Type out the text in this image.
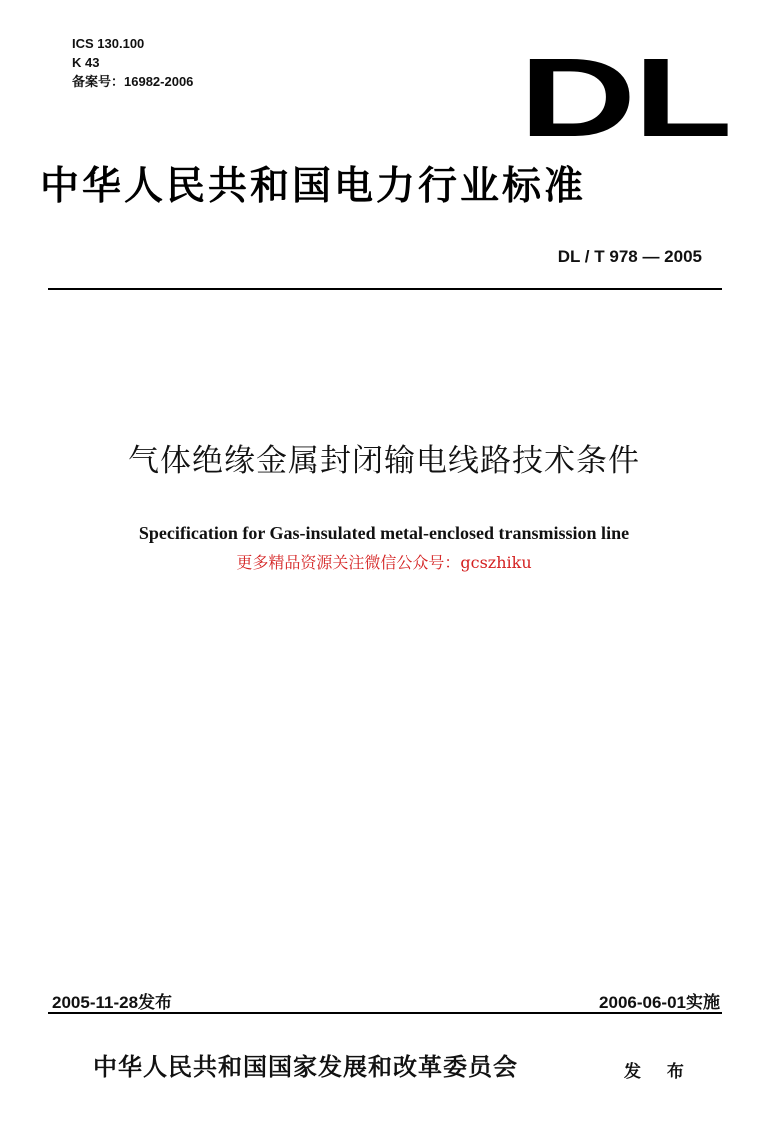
ICS 130.100
K 43
备案号：16982-2006	DL
中华人民共和国电力行业标准
DL / T 978 — 2005
气体绝缘金属封闭输电线路技术条件
Specification for Gas-insulated metal-enclosed transmission line
更多精品资源关注微信公众号：gcszhiku
2005-11-28发布	2006-06-01实施
中华人民共和国国家发展和改革委员会	发 布
